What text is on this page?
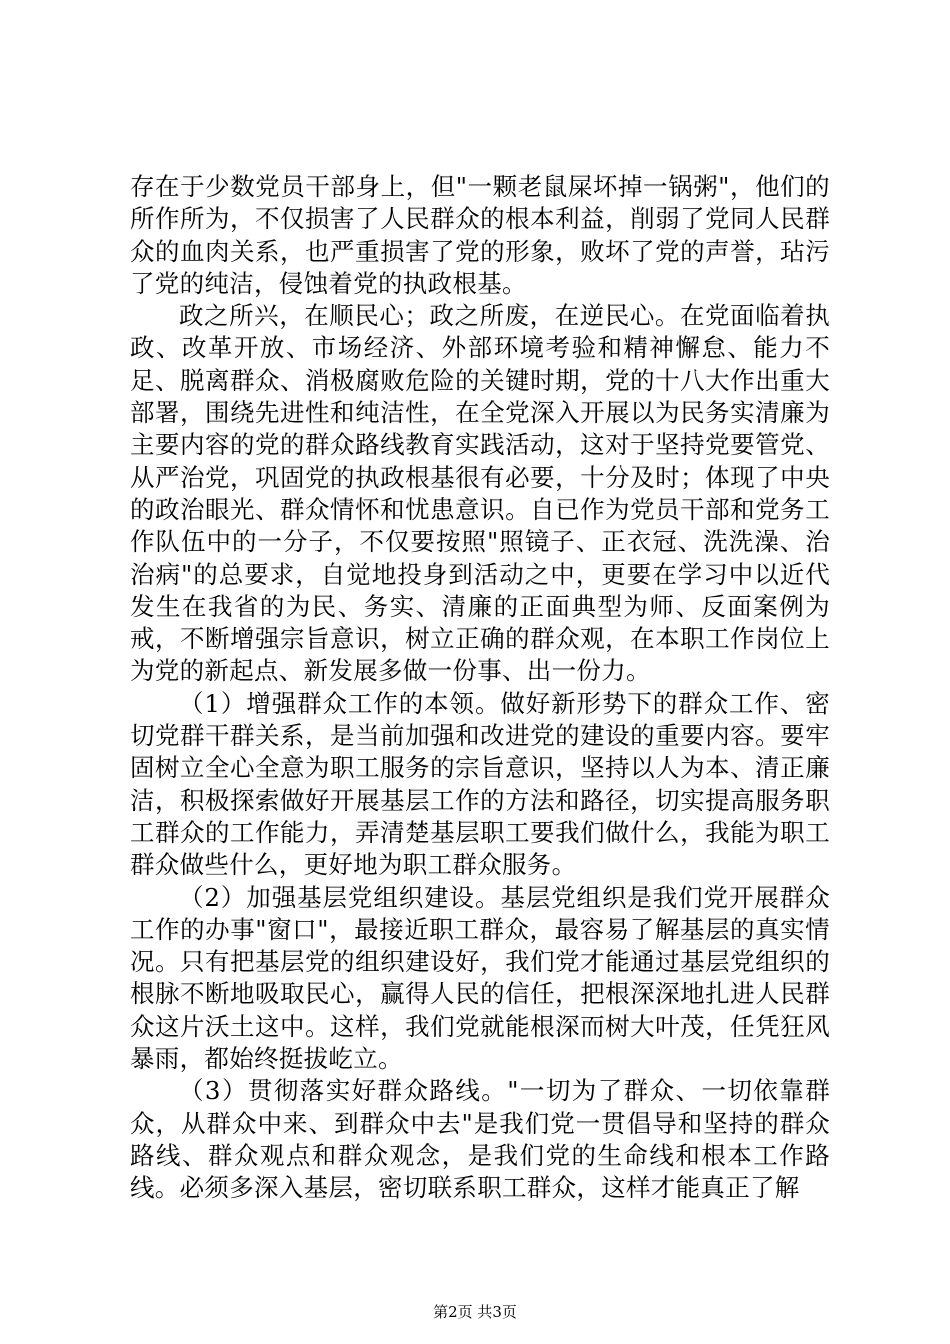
存在于少数党员干部身上，但"一颗老鼠屎坏掉一锅粥"，他们的所作所为，不仅损害了人民群众的根本利益，削弱了党同人民群众的血肉关系，也严重损害了党的形象，败坏了党的声誉，玷污了党的纯洁，侵蚀着党的执政根基。

政之所兴，在顺民心；政之所废，在逆民心。在党面临着执政、改革开放、市场经济、外部环境考验和精神懈怠、能力不足、脱离群众、消极腐败危险的关键时期，党的十八大作出重大部署，围绕先进性和纯洁性，在全党深入开展以为民务实清廉为主要内容的党的群众路线教育实践活动，这对于坚持党要管党、从严治党，巩固党的执政根基很有必要，十分及时；体现了中央的政治眼光、群众情怀和忧患意识。自已作为党员干部和党务工作队伍中的一分子，不仅要按照"照镜子、正衣冠、洗洗澡、治治病"的总要求，自觉地投身到活动之中，更要在学习中以近代发生在我省的为民、务实、清廉的正面典型为师、反面案例为戒，不断增强宗旨意识，树立正确的群众观，在本职工作岗位上为党的新起点、新发展多做一份事、出一份力。

（1）增强群众工作的本领。做好新形势下的群众工作、密切党群干群关系，是当前加强和改进党的建设的重要内容。要牢固树立全心全意为职工服务的宗旨意识，坚持以人为本、清正廉洁，积极探索做好开展基层工作的方法和路径，切实提高服务职工群众的工作能力，弄清楚基层职工要我们做什么，我能为职工群众做些什么，更好地为职工群众服务。

（2）加强基层党组织建设。基层党组织是我们党开展群众工作的办事"窗口"，最接近职工群众，最容易了解基层的真实情况。只有把基层党的组织建设好，我们党才能通过基层党组织的根脉不断地吸取民心，赢得人民的信任，把根深深地扎进人民群众这片沃土这中。这样，我们党就能根深而树大叶茂，任凭狂风暴雨，都始终挺拔屹立。

（3）贯彻落实好群众路线。"一切为了群众、一切依靠群众，从群众中来、到群众中去"是我们党一贯倡导和坚持的群众路线、群众观点和群众观念，是我们党的生命线和根本工作路线。必须多深入基层，密切联系职工群众，这样才能真正了解

第2页 共3页
